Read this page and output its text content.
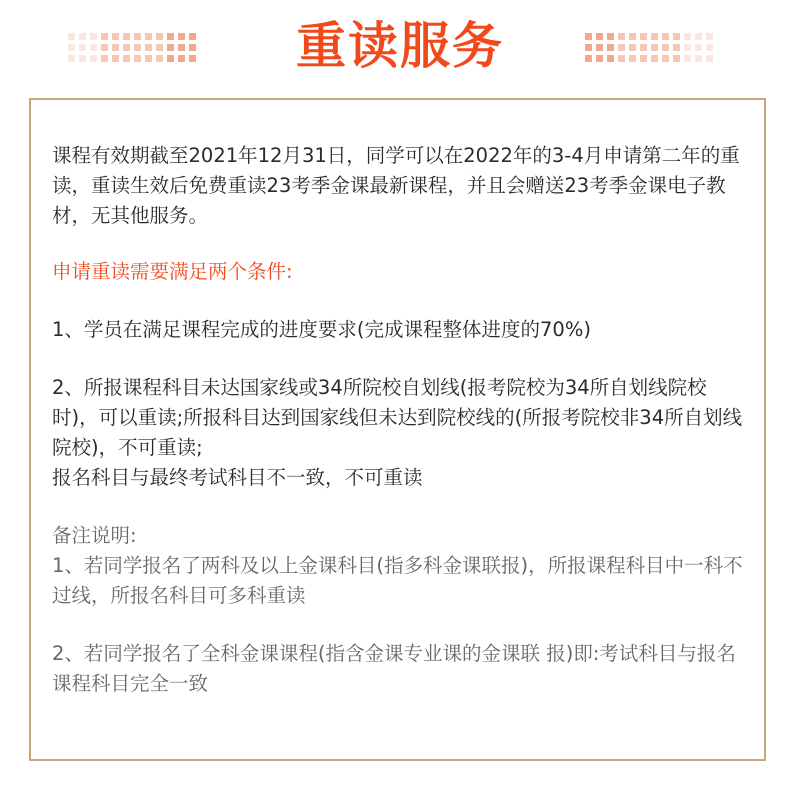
重读服务

课程有效期截至2021年12月31日，同学可以在2022年的3-4月申请第二年的重读，重读生效后免费重读23考季金课最新课程，并且会赠送23考季金课电子教材，无其他服务。

申请重读需要满足两个条件:

1、学员在满足课程完成的进度要求(完成课程整体进度的70%)

2、所报课程科目未达国家线或34所院校自划线(报考院校为34所自划线院校时)，可以重读;所报科目达到国家线但未达到院校线的(所报考院校非34所自划线院校)，不可重读;

报名科目与最终考试科目不一致，不可重读

备注说明:

1、若同学报名了两科及以上金课科目(指多科金课联报)，所报课程科目中一科不过线，所报名科目可多科重读

2、若同学报名了全科金课课程(指含金课专业课的金课联 报)即:考试科目与报名课程科目完全一致
